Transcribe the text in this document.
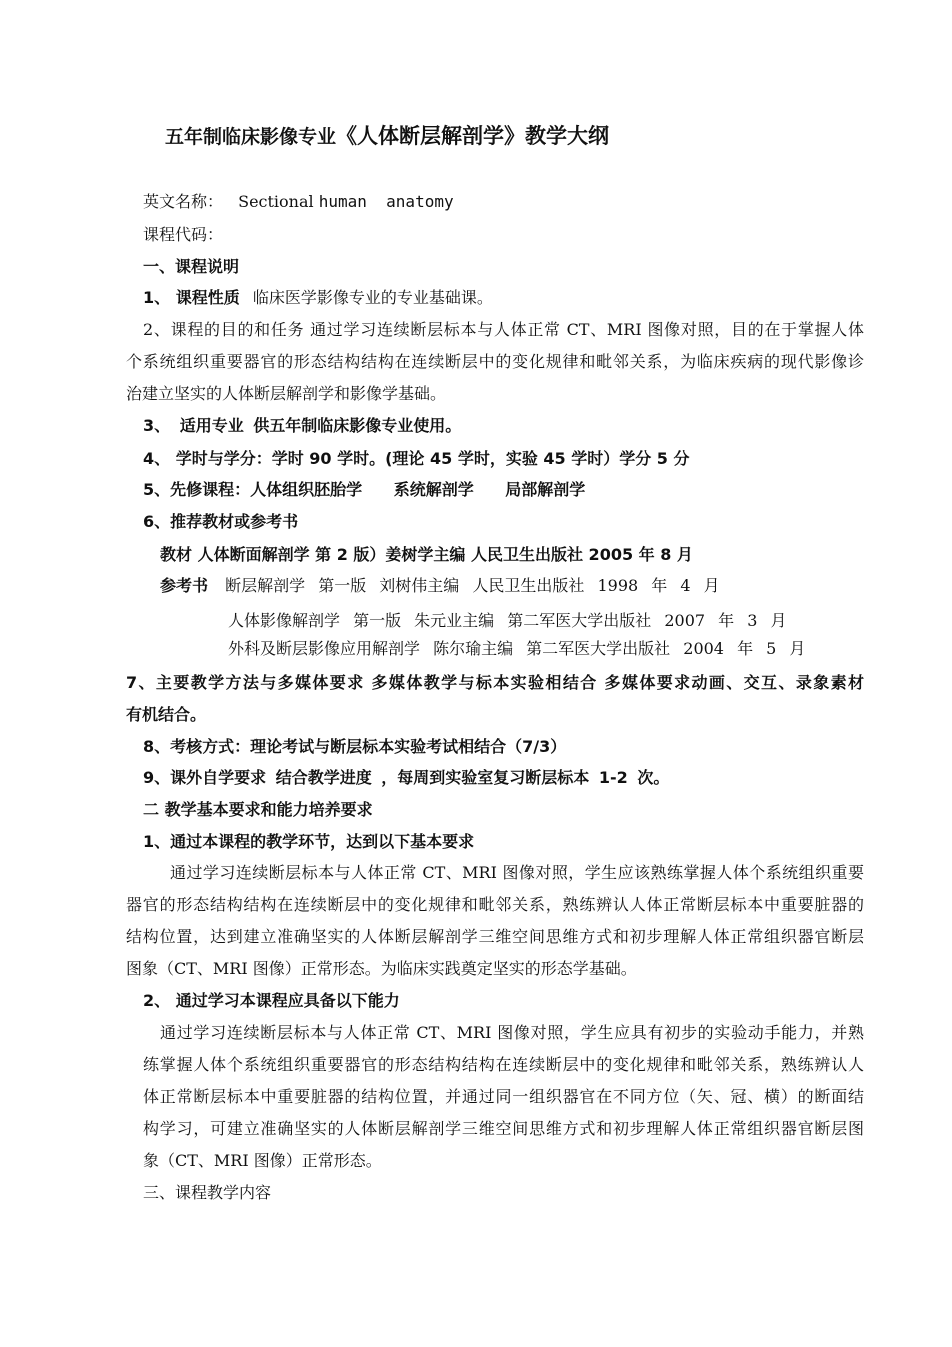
五年制临床影像专业《人体断层解剖学》教学大纲
英文名称： Sectional human  anatomy
课程代码：
一、课程说明
1、 课程性质 临床医学影像专业的专业基础课。
2、课程的目的和任务 通过学习连续断层标本与人体正常 CT、MRI 图像对照，目的在于掌握人体
个系统组织重要器官的形态结构结构在连续断层中的变化规律和毗邻关系，为临床疾病的现代影像诊
治建立坚实的人体断层解剖学和影像学基础。
3、 适用专业 供五年制临床影像专业使用。
4、 学时与学分：学时 90 学时。(理论 45 学时，实验 45 学时）学分 5 分
5、先修课程：人体组织胚胎学 系统解剖学 局部解剖学
6、推荐教材或参考书
教材 人体断面解剖学 第 2 版）姜树学主编 人民卫生出版社 2005 年 8 月
参考书 断层解剖学 第一版 刘树伟主编 人民卫生出版社 1998 年 4 月
人体影像解剖学 第一版 朱元业主编 第二军医大学出版社 2007 年 3 月
外科及断层影像应用解剖学 陈尔瑜主编 第二军医大学出版社 2004 年 5 月
7、主要教学方法与多媒体要求 多媒体教学与标本实验相结合 多媒体要求动画、交互、录象素材
有机结合。
8、考核方式：理论考试与断层标本实验考试相结合（7/3）
9、课外自学要求 结合教学进度 ，每周到实验室复习断层标本 1-2 次。
二 教学基本要求和能力培养要求
1、通过本课程的教学环节，达到以下基本要求
通过学习连续断层标本与人体正常 CT、MRI 图像对照，学生应该熟练掌握人体个系统组织重要
器官的形态结构结构在连续断层中的变化规律和毗邻关系，熟练辨认人体正常断层标本中重要脏器的
结构位置，达到建立准确坚实的人体断层解剖学三维空间思维方式和初步理解人体正常组织器官断层
图象（CT、MRI 图像）正常形态。为临床实践奠定坚实的形态学基础。
2、 通过学习本课程应具备以下能力
通过学习连续断层标本与人体正常 CT、MRI 图像对照，学生应具有初步的实验动手能力，并熟
练掌握人体个系统组织重要器官的形态结构结构在连续断层中的变化规律和毗邻关系，熟练辨认人
体正常断层标本中重要脏器的结构位置，并通过同一组织器官在不同方位（矢、冠、横）的断面结
构学习，可建立准确坚实的人体断层解剖学三维空间思维方式和初步理解人体正常组织器官断层图
象（CT、MRI 图像）正常形态。
三、课程教学内容
